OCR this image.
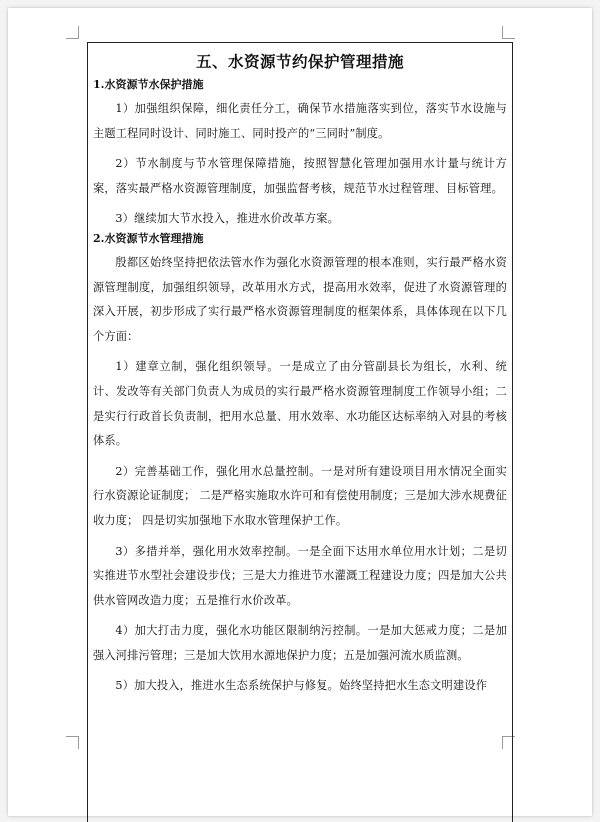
五、水资源节约保护管理措施
1.水资源节水保护措施

1）加强组织保障，细化责任分工，确保节水措施落实到位，落实节水设施与主题工程同时设计、同时施工、同时投产的“三同时”制度。

2）节水制度与节水管理保障措施，按照智慧化管理加强用水计量与统计方案，落实最严格水资源管理制度，加强监督考核，规范节水过程管理、目标管理。

3）继续加大节水投入，推进水价改革方案。

2.水资源节水管理措施

殷都区始终坚持把依法管水作为强化水资源管理的根本准则，实行最严格水资源管理制度，加强组织领导，改革用水方式，提高用水效率，促进了水资源管理的深入开展，初步形成了实行最严格水资源管理制度的框架体系，具体体现在以下几个方面：

1）建章立制，强化组织领导。一是成立了由分管副县长为组长，水利、统计、发改等有关部门负责人为成员的实行最严格水资源管理制度工作领导小组；二是实行行政首长负责制，把用水总量、用水效率、水功能区达标率纳入对县的考核体系。

2）完善基础工作，强化用水总量控制。一是对所有建设项目用水情况全面实行水资源论证制度； 二是严格实施取水许可和有偿使用制度；三是加大涉水规费征收力度； 四是切实加强地下水取水管理保护工作。

3）多措并举，强化用水效率控制。一是全面下达用水单位用水计划；二是切实推进节水型社会建设步伐；三是大力推进节水灌溉工程建设力度；四是加大公共供水管网改造力度；五是推行水价改革。

4）加大打击力度，强化水功能区限制纳污控制。一是加大惩戒力度；二是加强入河排污管理；三是加大饮用水源地保护力度；五是加强河流水质监测。

5）加大投入，推进水生态系统保护与修复。始终坚持把水生态文明建设作
